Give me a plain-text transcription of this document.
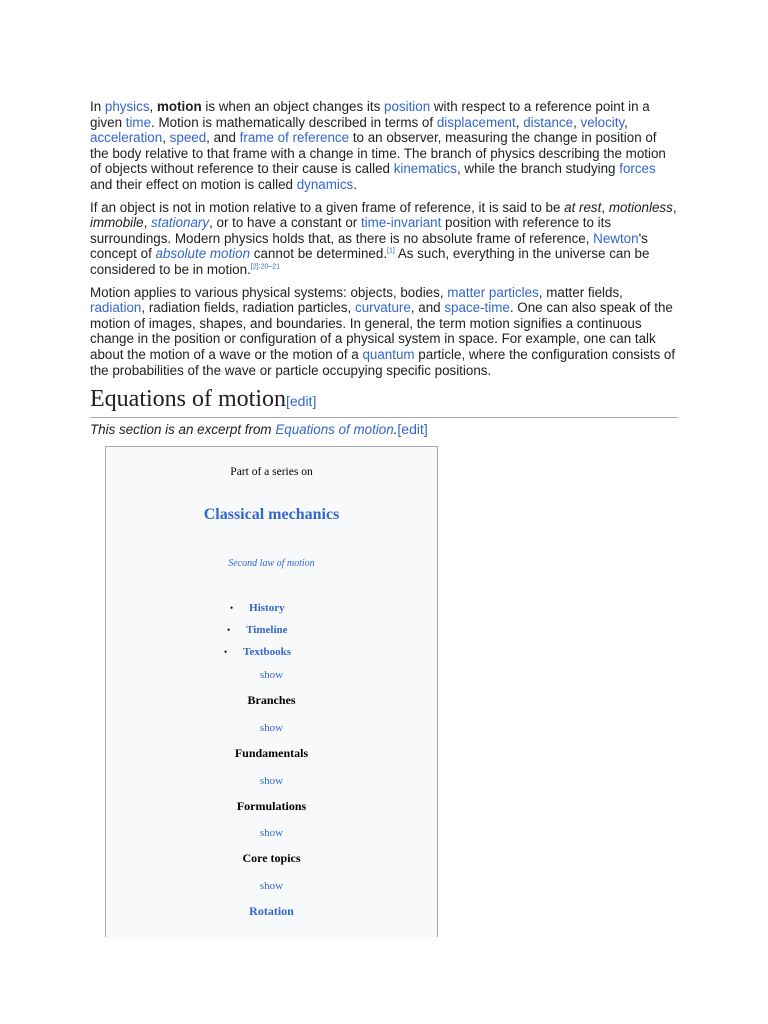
In physics, motion is when an object changes its position with respect to a reference point in a given time. Motion is mathematically described in terms of displacement, distance, velocity, acceleration, speed, and frame of reference to an observer, measuring the change in position of the body relative to that frame with a change in time. The branch of physics describing the motion of objects without reference to their cause is called kinematics, while the branch studying forces and their effect on motion is called dynamics.

If an object is not in motion relative to a given frame of reference, it is said to be at rest, motionless, immobile, stationary, or to have a constant or time-invariant position with reference to its surroundings. Modern physics holds that, as there is no absolute frame of reference, Newton's concept of absolute motion cannot be determined.[1] As such, everything in the universe can be considered to be in motion.$^{[2]:20-21}$

Motion applies to various physical systems: objects, bodies, matter particles, matter fields, radiation, radiation fields, radiation particles, curvature, and space-time. One can also speak of the motion of images, shapes, and boundaries. In general, the term motion signifies a continuous change in the position or configuration of a physical system in space. For example, one can talk about the motion of a wave or the motion of a quantum particle, where the configuration consists of the probabilities of the wave or particle occupying specific positions.

Equations of motion[edit]
This section is an excerpt from Equations of motion.[edit]
Part of a series on
Classical mechanics
Second law of motion
• History
• Timeline
• Textbooks
show
Branches
show
Fundamentals
show
Formulations
show
Core topics
show
Rotation
